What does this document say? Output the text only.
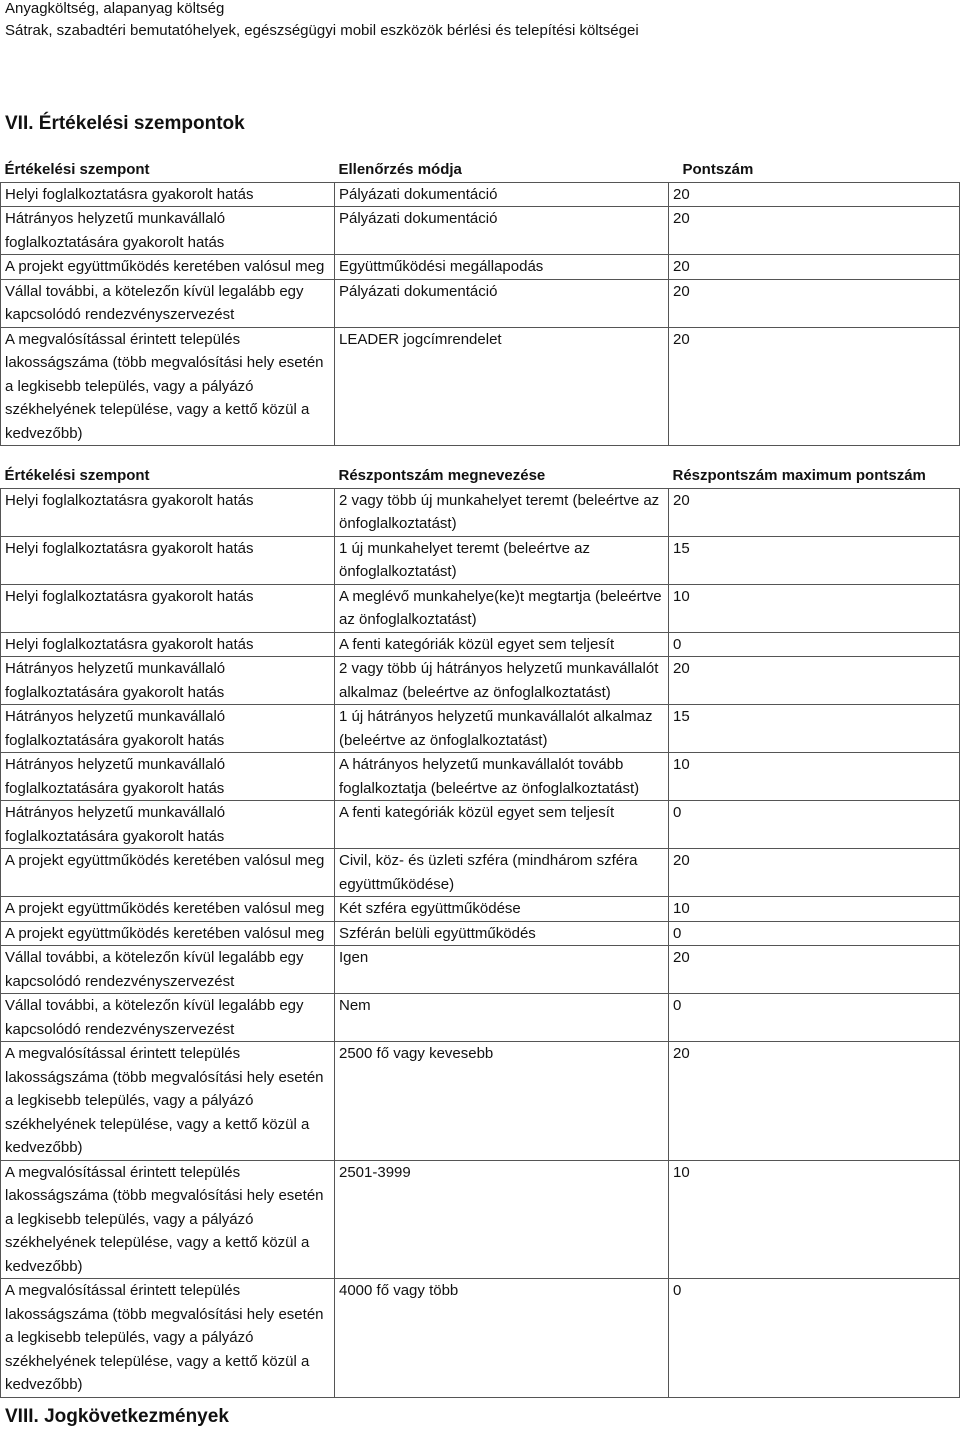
Anyagköltség, alapanyag költség
Sátrak, szabadtéri bemutatóhelyek, egészségügyi mobil eszközök bérlési és telepítési költségei
VII. Értékelési szempontok
Értékelési szempont	Ellenőrzés módja	Pontszám
Helyi foglalkoztatásra gyakorolt hatás	Pályázati dokumentáció	20
Hátrányos helyzetű munkavállaló foglalkoztatására gyakorolt hatás	Pályázati dokumentáció	20
A projekt együttműködés keretében valósul meg	Együttműködési megállapodás	20
Vállal további, a kötelezőn kívül legalább egy kapcsolódó rendezvényszervezést	Pályázati dokumentáció	20
A megvalósítással érintett település lakosságszáma (több megvalósítási hely esetén a legkisebb település, vagy a pályázó székhelyének települése, vagy a kettő közül a kedvezőbb)	LEADER jogcímrendelet	20
Értékelési szempont	Részpontszám megnevezése	Részpontszám maximum pontszám
Helyi foglalkoztatásra gyakorolt hatás	2 vagy több új munkahelyet teremt (beleértve az önfoglalkoztatást)	20
Helyi foglalkoztatásra gyakorolt hatás	1 új munkahelyet teremt (beleértve az önfoglalkoztatást)	15
Helyi foglalkoztatásra gyakorolt hatás	A meglévő munkahelye(ke)t megtartja (beleértve az önfoglalkoztatást)	10
Helyi foglalkoztatásra gyakorolt hatás	A fenti kategóriák közül egyet sem teljesít	0
Hátrányos helyzetű munkavállaló foglalkoztatására gyakorolt hatás	2 vagy több új hátrányos helyzetű munkavállalót alkalmaz (beleértve az önfoglalkoztatást)	20
Hátrányos helyzetű munkavállaló foglalkoztatására gyakorolt hatás	1 új hátrányos helyzetű munkavállalót alkalmaz (beleértve az önfoglalkoztatást)	15
Hátrányos helyzetű munkavállaló foglalkoztatására gyakorolt hatás	A hátrányos helyzetű munkavállalót tovább foglalkoztatja (beleértve az önfoglalkoztatást)	10
Hátrányos helyzetű munkavállaló foglalkoztatására gyakorolt hatás	A fenti kategóriák közül egyet sem teljesít	0
A projekt együttműködés keretében valósul meg	Civil, köz- és üzleti szféra (mindhárom szféra együttműködése)	20
A projekt együttműködés keretében valósul meg	Két szféra együttműködése	10
A projekt együttműködés keretében valósul meg	Szférán belüli együttműködés	0
Vállal további, a kötelezőn kívül legalább egy kapcsolódó rendezvényszervezést	Igen	20
Vállal további, a kötelezőn kívül legalább egy kapcsolódó rendezvényszervezést	Nem	0
A megvalósítással érintett település lakosságszáma (több megvalósítási hely esetén a legkisebb település, vagy a pályázó székhelyének települése, vagy a kettő közül a kedvezőbb)	2500 fő vagy kevesebb	20
A megvalósítással érintett település lakosságszáma (több megvalósítási hely esetén a legkisebb település, vagy a pályázó székhelyének települése, vagy a kettő közül a kedvezőbb)	2501-3999	10
A megvalósítással érintett település lakosságszáma (több megvalósítási hely esetén a legkisebb település, vagy a pályázó székhelyének települése, vagy a kettő közül a kedvezőbb)	4000 fő vagy több	0
VIII. Jogkövetkezmények
